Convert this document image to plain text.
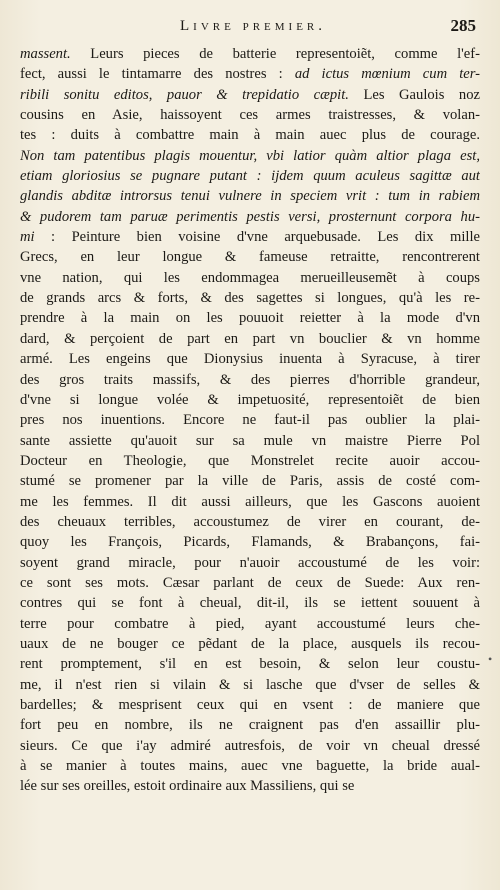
Livre premier.	285
massent. Leurs pieces de batterie representoiẽt, comme l'ef-
fect, aussi le tintamarre des nostres : ad ictus mœnium cum ter-
ribili sonitu editos, pauor & trepidatio cæpit. Les Gaulois noz
cousins en Asie, haissoyent ces armes traistresses, & volan-
tes : duits à combattre main à main auec plus de courage.
Non tam patentibus plagis mouentur, vbi latior quàm altior plaga est,
etiam gloriosius se pugnare putant : ijdem quum aculeus sagittæ aut
glandis abditæ introrsus tenui vulnere in speciem vrit : tum in rabiem
& pudorem tam paruæ perimentis pestis versi, prosternunt corpora hu-
mi : Peinture bien voisine d'vne arquebusade. Les dix mille
Grecs, en leur longue & fameuse retraitte, rencontrerent
vne nation, qui les endommagea merueilleusemẽt à coups
de grands arcs & forts, & des sagettes si longues, qu'à les re-
prendre à la main on les pouuoit reietter à la mode d'vn
dard, & perçoient de part en part vn bouclier & vn homme
armé. Les engeins que Dionysius inuenta à Syracuse, à tirer
des gros traits massifs, & des pierres d'horrible grandeur,
d'vne si longue volée & impetuosité, representoiẽt de bien
pres nos inuentions. Encore ne faut-il pas oublier la plai-
sante assiette qu'auoit sur sa mule vn maistre Pierre Pol
Docteur en Theologie, que Monstrelet recite auoir accou-
stumé se promener par la ville de Paris, assis de costé com-
me les femmes. Il dit aussi ailleurs, que les Gascons auoient
des cheuaux terribles, accoustumez de virer en courant, de-
quoy les François, Picards, Flamands, & Brabançons, fai-
soyent grand miracle, pour n'auoir accoustumé de les voir:
ce sont ses mots. Cæsar parlant de ceux de Suede: Aux ren-
contres qui se font à cheual, dit-il, ils se iettent souuent à
terre pour combatre à pied, ayant accoustumé leurs che-
uaux de ne bouger ce pẽdant de la place, ausquels ils recou-
rent promptement, s'il en est besoin, & selon leur coustu-
me, il n'est rien si vilain & si lasche que d'vser de selles &
bardelles; & mesprisent ceux qui en vsent : de maniere que
fort peu en nombre, ils ne craignent pas d'en assaillir plu-
sieurs. Ce que i'ay admiré autresfois, de voir vn cheual dressé
à se manier à toutes mains, auec vne baguette, la bride aual-
lée sur ses oreilles, estoit ordinaire aux Massiliens, qui se
•
